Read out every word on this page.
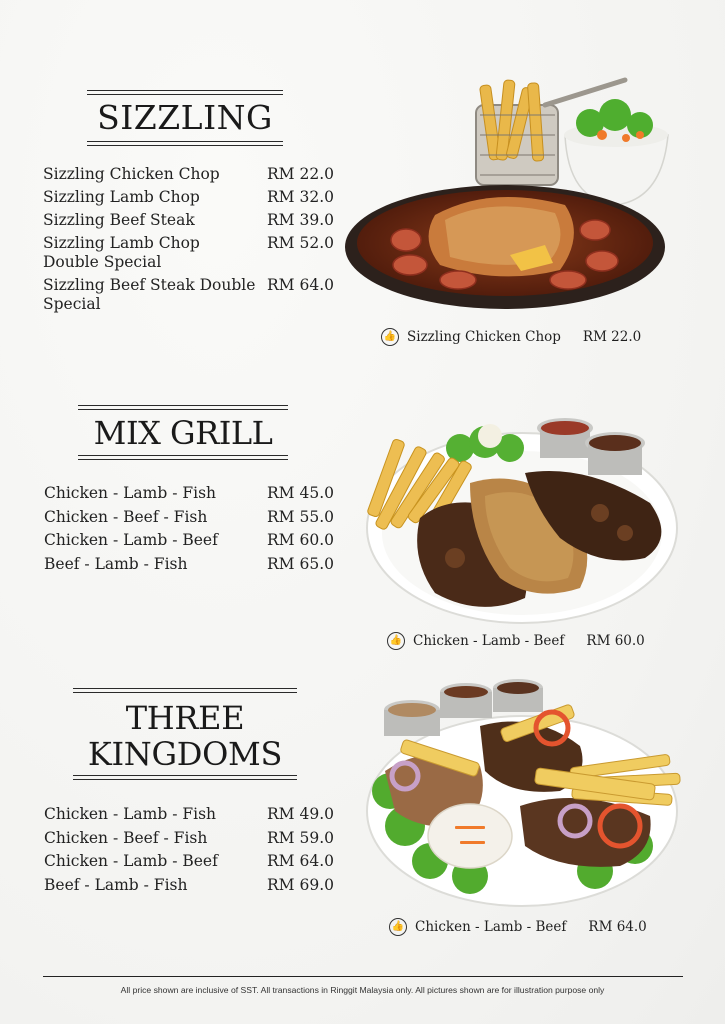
SIZZLING
Sizzling Chicken Chop	RM 22.0
Sizzling Lamb Chop	RM 32.0
Sizzling Beef Steak	RM 39.0
Sizzling Lamb Chop Double Special
RM 52.0
Sizzling Beef Steak Double Special
RM 64.0
👍 Sizzling Chicken Chop RM 22.0
MIX GRILL
Chicken - Lamb - Fish	RM 45.0
Chicken - Beef - Fish	RM 55.0
Chicken - Lamb - Beef	RM 60.0
Beef - Lamb - Fish	RM 65.0
👍 Chicken - Lamb - Beef RM 60.0
THREE
KINGDOMS
Chicken - Lamb - Fish	RM 49.0
Chicken - Beef - Fish	RM 59.0
Chicken - Lamb - Beef	RM 64.0
Beef - Lamb - Fish	RM 69.0
👍 Chicken - Lamb - Beef RM 64.0
All price shown are inclusive of SST. All transactions in Ringgit Malaysia only. All pictures shown are for illustration purpose only
